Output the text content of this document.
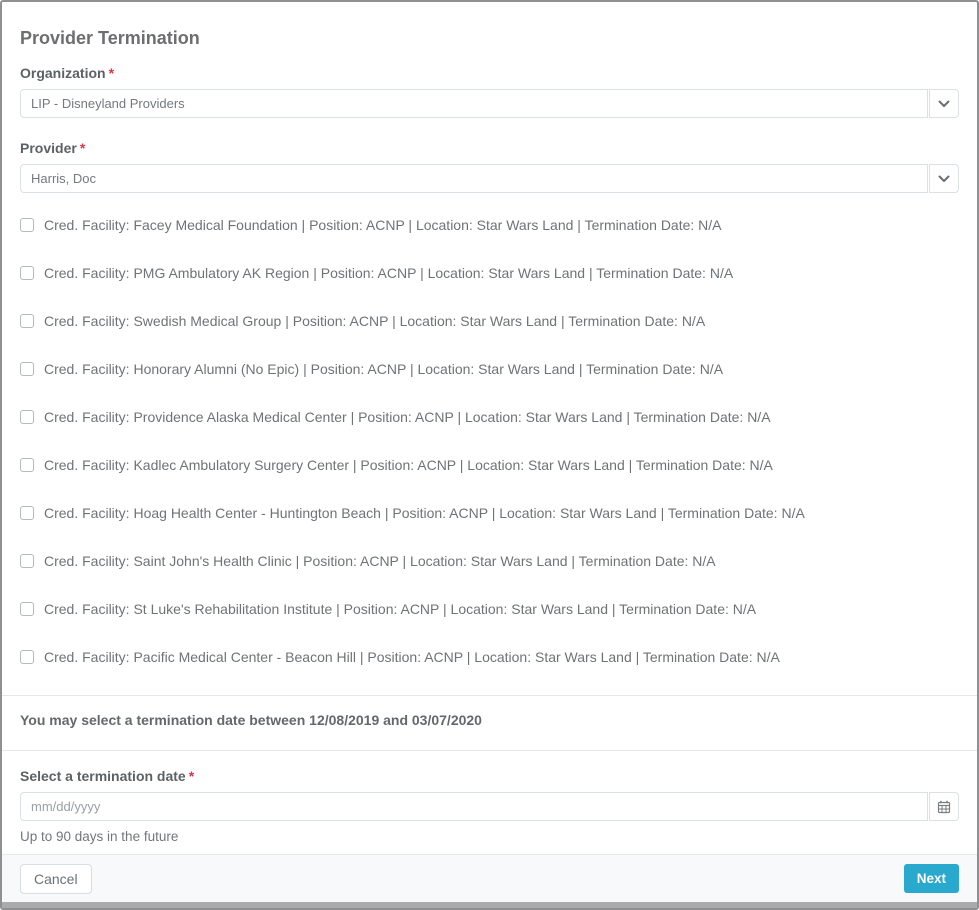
Provider Termination
Organization *
LIP - Disneyland Providers
Provider *
Harris, Doc
Cred. Facility: Facey Medical Foundation | Position: ACNP | Location: Star Wars Land | Termination Date: N/A
Cred. Facility: PMG Ambulatory AK Region | Position: ACNP | Location: Star Wars Land | Termination Date: N/A
Cred. Facility: Swedish Medical Group | Position: ACNP | Location: Star Wars Land | Termination Date: N/A
Cred. Facility: Honorary Alumni (No Epic) | Position: ACNP | Location: Star Wars Land | Termination Date: N/A
Cred. Facility: Providence Alaska Medical Center | Position: ACNP | Location: Star Wars Land | Termination Date: N/A
Cred. Facility: Kadlec Ambulatory Surgery Center | Position: ACNP | Location: Star Wars Land | Termination Date: N/A
Cred. Facility: Hoag Health Center - Huntington Beach | Position: ACNP | Location: Star Wars Land | Termination Date: N/A
Cred. Facility: Saint John's Health Clinic | Position: ACNP | Location: Star Wars Land | Termination Date: N/A
Cred. Facility: St Luke's Rehabilitation Institute | Position: ACNP | Location: Star Wars Land | Termination Date: N/A
Cred. Facility: Pacific Medical Center - Beacon Hill | Position: ACNP | Location: Star Wars Land | Termination Date: N/A
You may select a termination date between 12/08/2019 and 03/07/2020
Select a termination date *
mm/dd/yyyy
Up to 90 days in the future
Cancel	Next
